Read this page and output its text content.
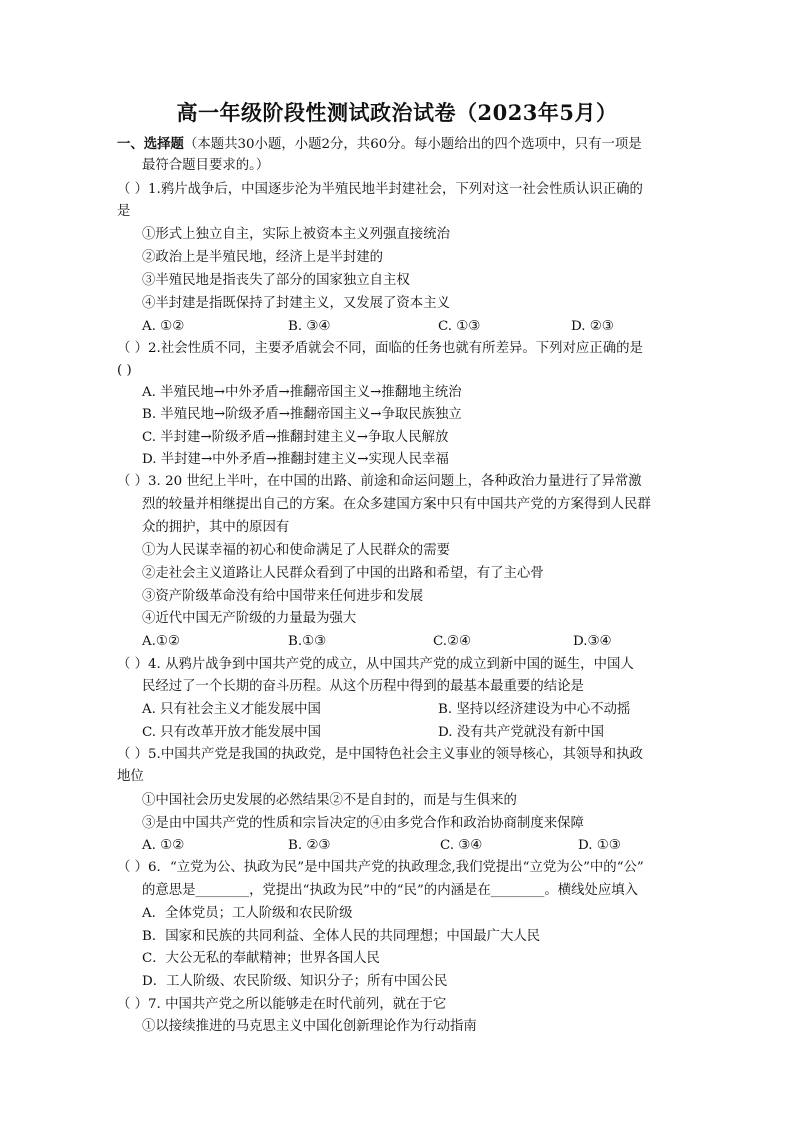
高一年级阶段性测试政治试卷（2023年5月）
一、选择题（本题共30小题，小题2分，共60分。每小题给出的四个选项中，只有一项是
最符合题目要求的。）
（ ）1.鸦片战争后，中国逐步沦为半殖民地半封建社会，下列对这一社会性质认识正确的
是
①形式上独立自主，实际上被资本主义列强直接统治
②政治上是半殖民地，经济上是半封建的
③半殖民地是指丧失了部分的国家独立自主权
④半封建是指既保持了封建主义，又发展了资本主义
A. ①②	B. ③④	C. ①③	D. ②③
（ ）2.社会性质不同，主要矛盾就会不同，面临的任务也就有所差异。下列对应正确的是
( )
A. 半殖民地→中外矛盾→推翻帝国主义→推翻地主统治
B. 半殖民地→阶级矛盾→推翻帝国主义→争取民族独立
C. 半封建→阶级矛盾→推翻封建主义→争取人民解放
D. 半封建→中外矛盾→推翻封建主义→实现人民幸福
（ ）3. 20 世纪上半叶，在中国的出路、前途和命运问题上，各种政治力量进行了异常激
烈的较量并相继提出自己的方案。在众多建国方案中只有中国共产党的方案得到人民群
众的拥护，其中的原因有
①为人民谋幸福的初心和使命满足了人民群众的需要
②走社会主义道路让人民群众看到了中国的出路和希望，有了主心骨
③资产阶级革命没有给中国带来任何进步和发展
④近代中国无产阶级的力量最为强大
A.①②	B.①③	C.②④	D.③④
（ ）4. 从鸦片战争到中国共产党的成立，从中国共产党的成立到新中国的诞生，中国人
民经过了一个长期的奋斗历程。从这个历程中得到的最基本最重要的结论是
A. 只有社会主义才能发展中国	B. 坚持以经济建设为中心不动摇
C. 只有改革开放才能发展中国	D. 没有共产党就没有新中国
（ ）5.中国共产党是我国的执政党，是中国特色社会主义事业的领导核心，其领导和执政
地位
①中国社会历史发展的必然结果②不是自封的，而是与生俱来的
③是由中国共产党的性质和宗旨决定的④由多党合作和政治协商制度来保障
A. ①②	B. ②③	C. ③④	D. ①③
（ ）6．“立党为公、执政为民”是中国共产党的执政理念,我们党提出“立党为公”中的“公”
的意思是________，党提出“执政为民”中的“民”的内涵是在________。横线处应填入
A．全体党员；工人阶级和农民阶级
B．国家和民族的共同利益、全体人民的共同理想；中国最广大人民
C．大公无私的奉献精神；世界各国人民
D．工人阶级、农民阶级、知识分子；所有中国公民
（ ）7. 中国共产党之所以能够走在时代前列，就在于它
①以接续推进的马克思主义中国化创新理论作为行动指南
